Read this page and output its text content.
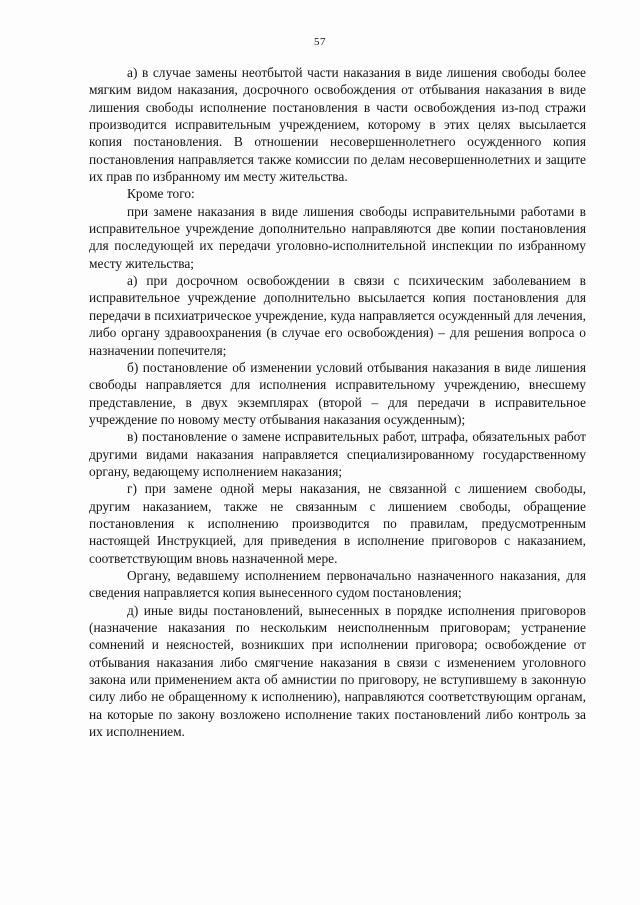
57

а) в случае замены неотбытой части наказания в виде лишения свободы более мягким видом наказания, досрочного освобождения от отбывания наказания в виде лишения свободы исполнение постановления в части освобождения из-под стражи производится исправительным учреждением, которому в этих целях высылается копия постановления. В отношении несовершеннолетнего осужденного копия постановления направляется также комиссии по делам несовершеннолетних и защите их прав по избранному им месту жительства.

Кроме того:

при замене наказания в виде лишения свободы исправительными работами в исправительное учреждение дополнительно направляются две копии постановления для последующей их передачи уголовно-исполнительной инспекции по избранному месту жительства;

а) при досрочном освобождении в связи с психическим заболеванием в исправительное учреждение дополнительно высылается копия постановления для передачи в психиатрическое учреждение, куда направляется осужденный для лечения, либо органу здравоохранения (в случае его освобождения) – для решения вопроса о назначении попечителя;

б) постановление об изменении условий отбывания наказания в виде лишения свободы направляется для исполнения исправительному учреждению, внесшему представление, в двух экземплярах (второй – для передачи в исправительное учреждение по новому месту отбывания наказания осужденным);

в) постановление о замене исправительных работ, штрафа, обязательных работ другими видами наказания направляется специализированному государственному органу, ведающему исполнением наказания;

г) при замене одной меры наказания, не связанной с лишением свободы, другим наказанием, также не связанным с лишением свободы, обращение постановления к исполнению производится по правилам, предусмотренным настоящей Инструкцией, для приведения в исполнение приговоров с наказанием, соответствующим вновь назначенной мере.

Органу, ведавшему исполнением первоначально назначенного наказания, для сведения направляется копия вынесенного судом постановления;

д) иные виды постановлений, вынесенных в порядке исполнения приговоров (назначение наказания по нескольким неисполненным приговорам; устранение сомнений и неясностей, возникших при исполнении приговора; освобождение от отбывания наказания либо смягчение наказания в связи с изменением уголовного закона или применением акта об амнистии по приговору, не вступившему в законную силу либо не обращенному к исполнению), направляются соответствующим органам, на которые по закону возложено исполнение таких постановлений либо контроль за их исполнением.
